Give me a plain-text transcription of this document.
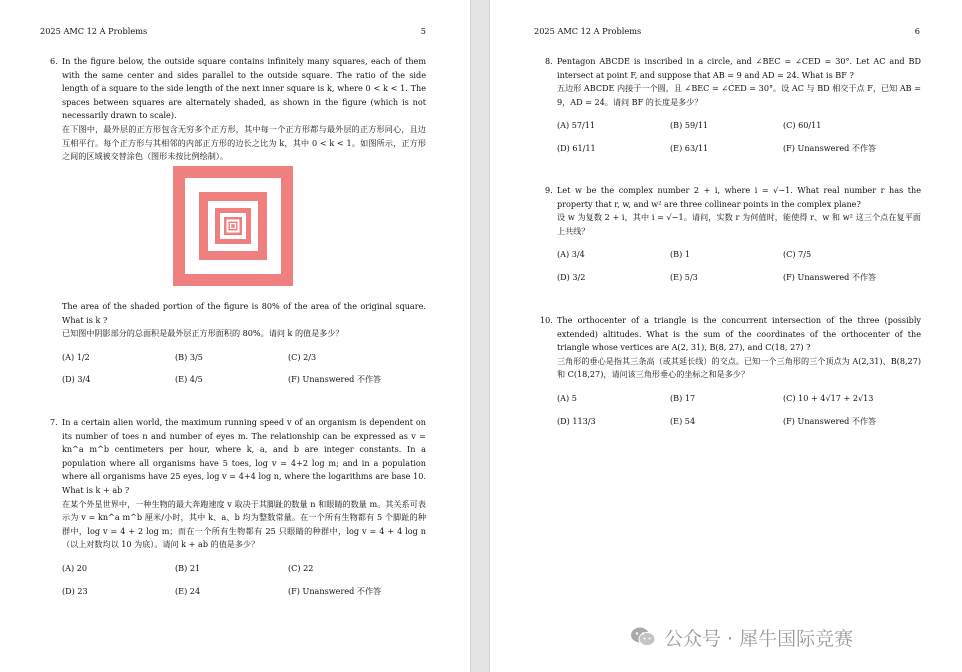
2025 AMC 12 A Problems	5
6. In the figure below, the outside square contains infinitely many squares, each of them with the same center and sides parallel to the outside square. The ratio of the side length of a square to the side length of the next inner square is k, where 0 < k < 1. The spaces between squares are alternately shaded, as shown in the figure (which is not necessarily drawn to scale).

在下图中，最外层的正方形包含无穷多个正方形，其中每一个正方形都与最外层的正方形同心，且边互相平行。每个正方形与其相邻的内部正方形的边长之比为 k，其中 0 < k < 1。如图所示，正方形之间的区域被交替涂色（图形未按比例绘制）。

The area of the shaded portion of the figure is 80% of the area of the original square. What is k ?

已知图中阴影部分的总面积是最外层正方形面积的 80%。请问 k 的值是多少？

(A) 1/2	(B) 3/5	(C) 2/3
(D) 3/4	(E) 4/5	(F) Unanswered 不作答
7. In a certain alien world, the maximum running speed v of an organism is dependent on its number of toes n and number of eyes m. The relationship can be expressed as v = kn^a m^b centimeters per hour, where k, a, and b are integer constants. In a population where all organisms have 5 toes, log v = 4+2 log m; and in a population where all organisms have 25 eyes, log v = 4+4 log n, where the logarithms are base 10. What is k + ab ?

在某个外星世界中，一种生物的最大奔跑速度 v 取决于其脚趾的数量 n 和眼睛的数量 m。其关系可表示为 v = kn^a m^b 厘米/小时，其中 k、a、b 均为整数常量。在一个所有生物都有 5 个脚趾的种群中，log v = 4 + 2 log m；而在一个所有生物都有 25 只眼睛的种群中，log v = 4 + 4 log n（以上对数均以 10 为底）。请问 k + ab 的值是多少？

(A) 20	(B) 21	(C) 22
(D) 23	(E) 24	(F) Unanswered 不作答
2025 AMC 12 A Problems	6
8. Pentagon ABCDE is inscribed in a circle, and ∠BEC = ∠CED = 30°. Let AC and BD intersect at point F, and suppose that AB = 9 and AD = 24. What is BF ?

五边形 ABCDE 内接于一个圆，且 ∠BEC = ∠CED = 30°。设 AC 与 BD 相交于点 F，已知 AB = 9，AD = 24。请问 BF 的长度是多少？

(A) 57/11	(B) 59/11	(C) 60/11
(D) 61/11	(E) 63/11	(F) Unanswered 不作答
9. Let w be the complex number 2 + i, where i = √−1. What real number r has the property that r, w, and w² are three collinear points in the complex plane?

设 w 为复数 2 + i，其中 i = √−1。请问，实数 r 为何值时，能使得 r、w 和 w² 这三个点在复平面上共线？

(A) 3/4	(B) 1	(C) 7/5
(D) 3/2	(E) 5/3	(F) Unanswered 不作答
10. The orthocenter of a triangle is the concurrent intersection of the three (possibly extended) altitudes. What is the sum of the coordinates of the orthocenter of the triangle whose vertices are A(2, 31), B(8, 27), and C(18, 27) ?

三角形的垂心是指其三条高（或其延长线）的交点。已知一个三角形的三个顶点为 A(2,31)、B(8,27) 和 C(18,27)，请问该三角形垂心的坐标之和是多少？

(A) 5	(B) 17	(C) 10 + 4√17 + 2√13
(D) 113/3	(E) 54	(F) Unanswered 不作答
公众号 · 犀牛国际竞赛
